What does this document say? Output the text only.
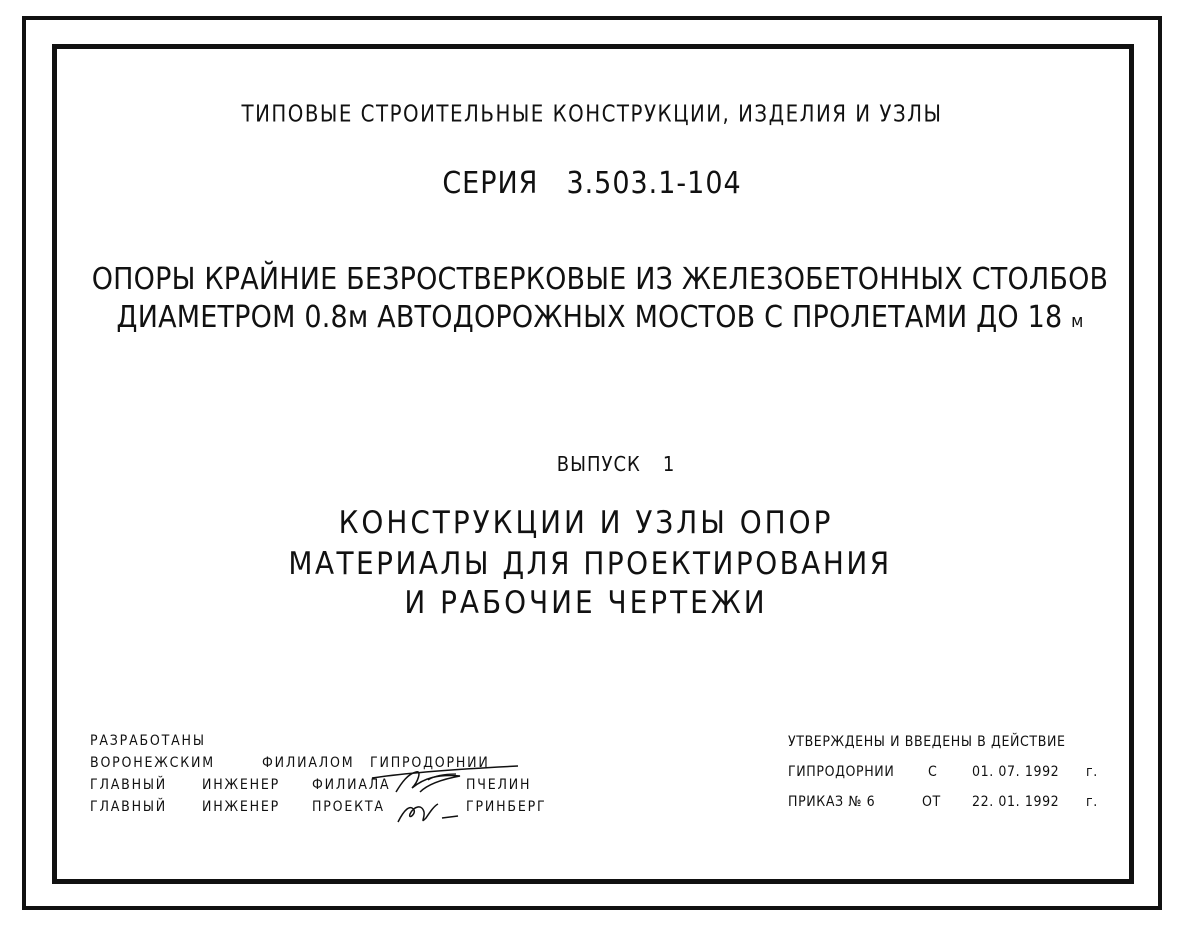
ТИПОВЫЕ СТРОИТЕЛЬНЫЕ КОНСТРУКЦИИ, ИЗДЕЛИЯ И УЗЛЫ
СЕРИЯ 3.503.1-104
ОПОРЫ КРАЙНИЕ БЕЗРОСТВЕРКОВЫЕ ИЗ ЖЕЛЕЗОБЕТОННЫХ СТОЛБОВ
ДИАМЕТРОМ 0.8м АВТОДОРОЖНЫХ МОСТОВ С ПРОЛЕТАМИ ДО 18 м
ВЫПУСК 1
КОНСТРУКЦИИ И УЗЛЫ ОПОР
МАТЕРИАЛЫ ДЛЯ ПРОЕКТИРОВАНИЯ
И РАБОЧИЕ ЧЕРТЕЖИ
РАЗРАБОТАНЫ
ВОРОНЕЖСКИМ	ФИЛИАЛОМ ГИПРОДОРНИИ
ГЛАВНЫЙ ИНЖЕНЕР ФИЛИАЛА	ПЧЕЛИН
ГЛАВНЫЙ ИНЖЕНЕР ПРОЕКТА	ГРИНБЕРГ
УТВЕРЖДЕНЫ И ВВЕДЕНЫ В ДЕЙСТВИЕ
ГИПРОДОРНИИ С 01. 07. 1992 г.
ПРИКАЗ № 6	ОТ 22. 01. 1992 г.
